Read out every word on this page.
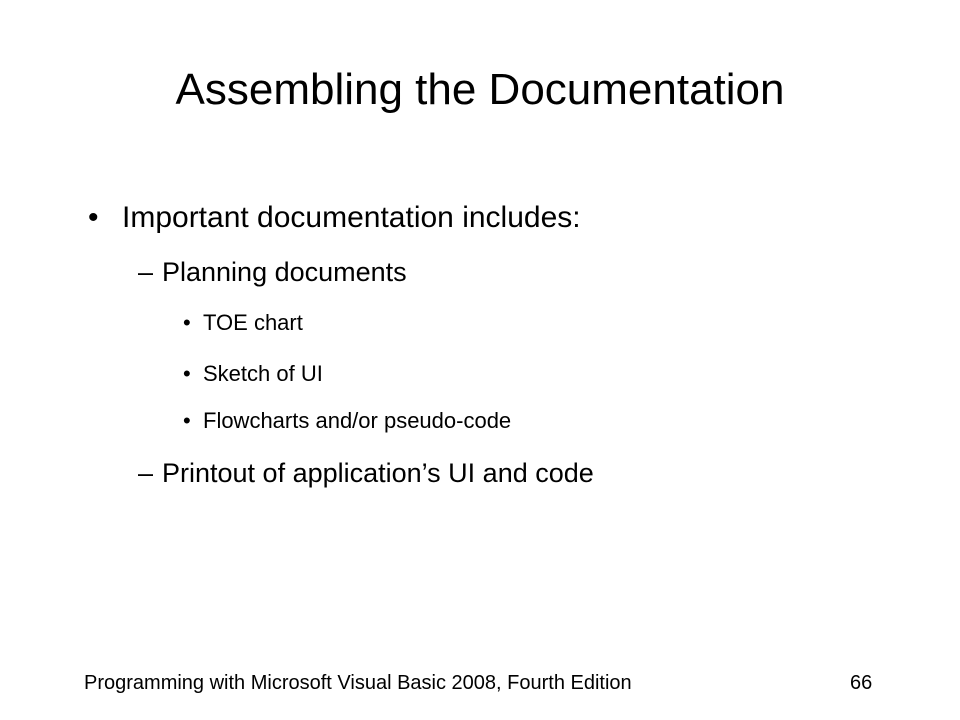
Assembling the Documentation
• Important documentation includes:
– Planning documents
• TOE chart
• Sketch of UI
• Flowcharts and/or pseudo-code
– Printout of application’s UI and code
Programming with Microsoft Visual Basic 2008, Fourth Edition	66
